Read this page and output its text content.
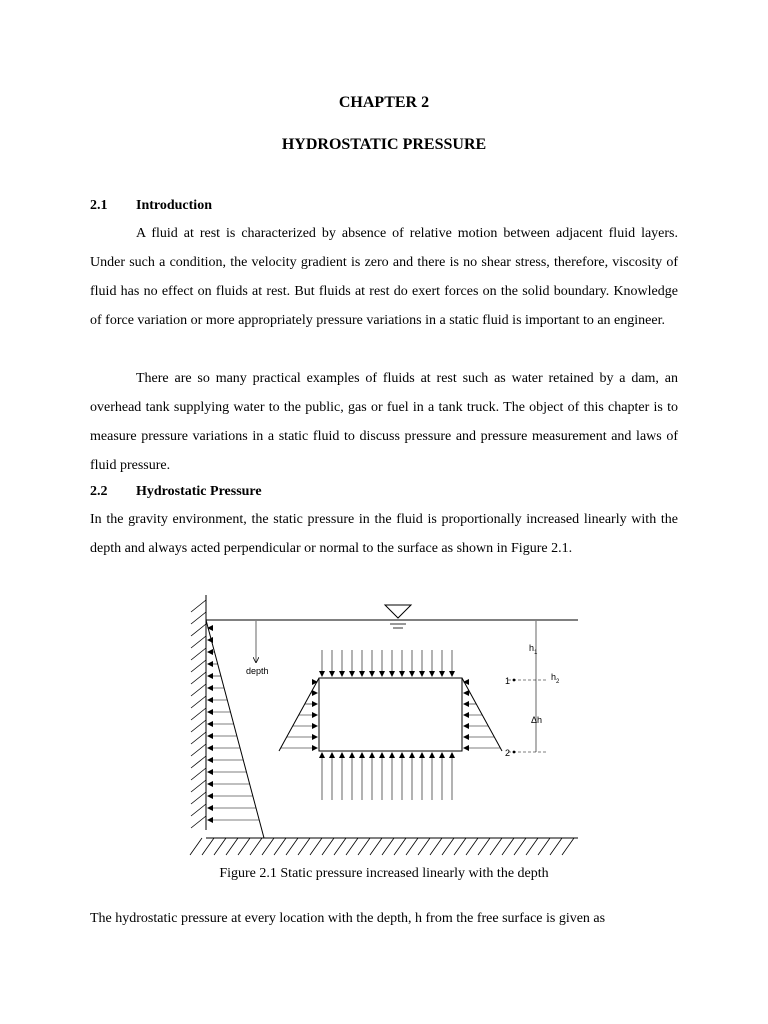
CHAPTER 2
HYDROSTATIC PRESSURE
2.1 Introduction

A fluid at rest is characterized by absence of relative motion between adjacent fluid layers. Under such a condition, the velocity gradient is zero and there is no shear stress, therefore, viscosity of fluid has no effect on fluids at rest. But fluids at rest do exert forces on the solid boundary. Knowledge of force variation or more appropriately pressure variations in a static fluid is important to an engineer.

There are so many practical examples of fluids at rest such as water retained by a dam, an overhead tank supplying water to the public, gas or fuel in a tank truck. The object of this chapter is to measure pressure variations in a static fluid to discuss pressure and pressure measurement and laws of fluid pressure.

2.2 Hydrostatic Pressure

In the gravity environment, the static pressure in the fluid is proportionally increased linearly with the depth and always acted perpendicular or normal to the surface as shown in Figure 2.1.

depth
$h_1$
$h_2$
Δh
1
2
Figure 2.1 Static pressure increased linearly with the depth

The hydrostatic pressure at every location with the depth, h from the free surface is given as
